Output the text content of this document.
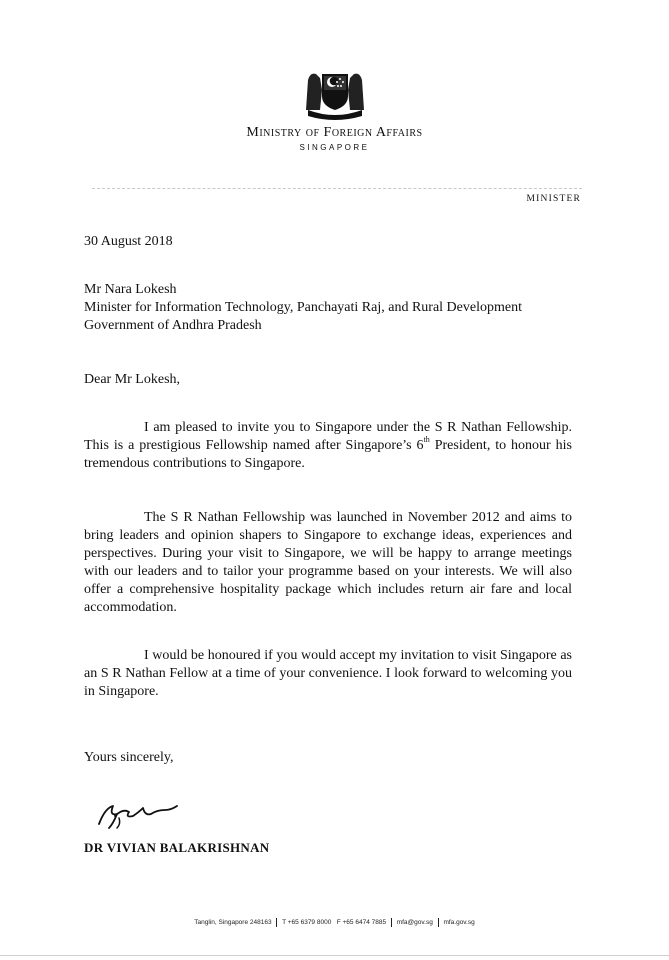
Ministry of Foreign Affairs
SINGAPORE
MINISTER

30 August 2018

Mr Nara Lokesh
Minister for Information Technology, Panchayati Raj, and Rural Development
Government of Andhra Pradesh

Dear Mr Lokesh,

I am pleased to invite you to Singapore under the S R Nathan Fellowship. This is a prestigious Fellowship named after Singapore’s 6th President, to honour his tremendous contributions to Singapore.

The S R Nathan Fellowship was launched in November 2012 and aims to bring leaders and opinion shapers to Singapore to exchange ideas, experiences and perspectives. During your visit to Singapore, we will be happy to arrange meetings with our leaders and to tailor your programme based on your interests. We will also offer a comprehensive hospitality package which includes return air fare and local accommodation.

I would be honoured if you would accept my invitation to visit Singapore as an S R Nathan Fellow at a time of your convenience. I look forward to welcoming you in Singapore.

Yours sincerely,

DR VIVIAN BALAKRISHNAN
Tanglin, Singapore 248163 T +65 6379 8000 F +65 6474 7885 mfa@gov.sg mfa.gov.sg
